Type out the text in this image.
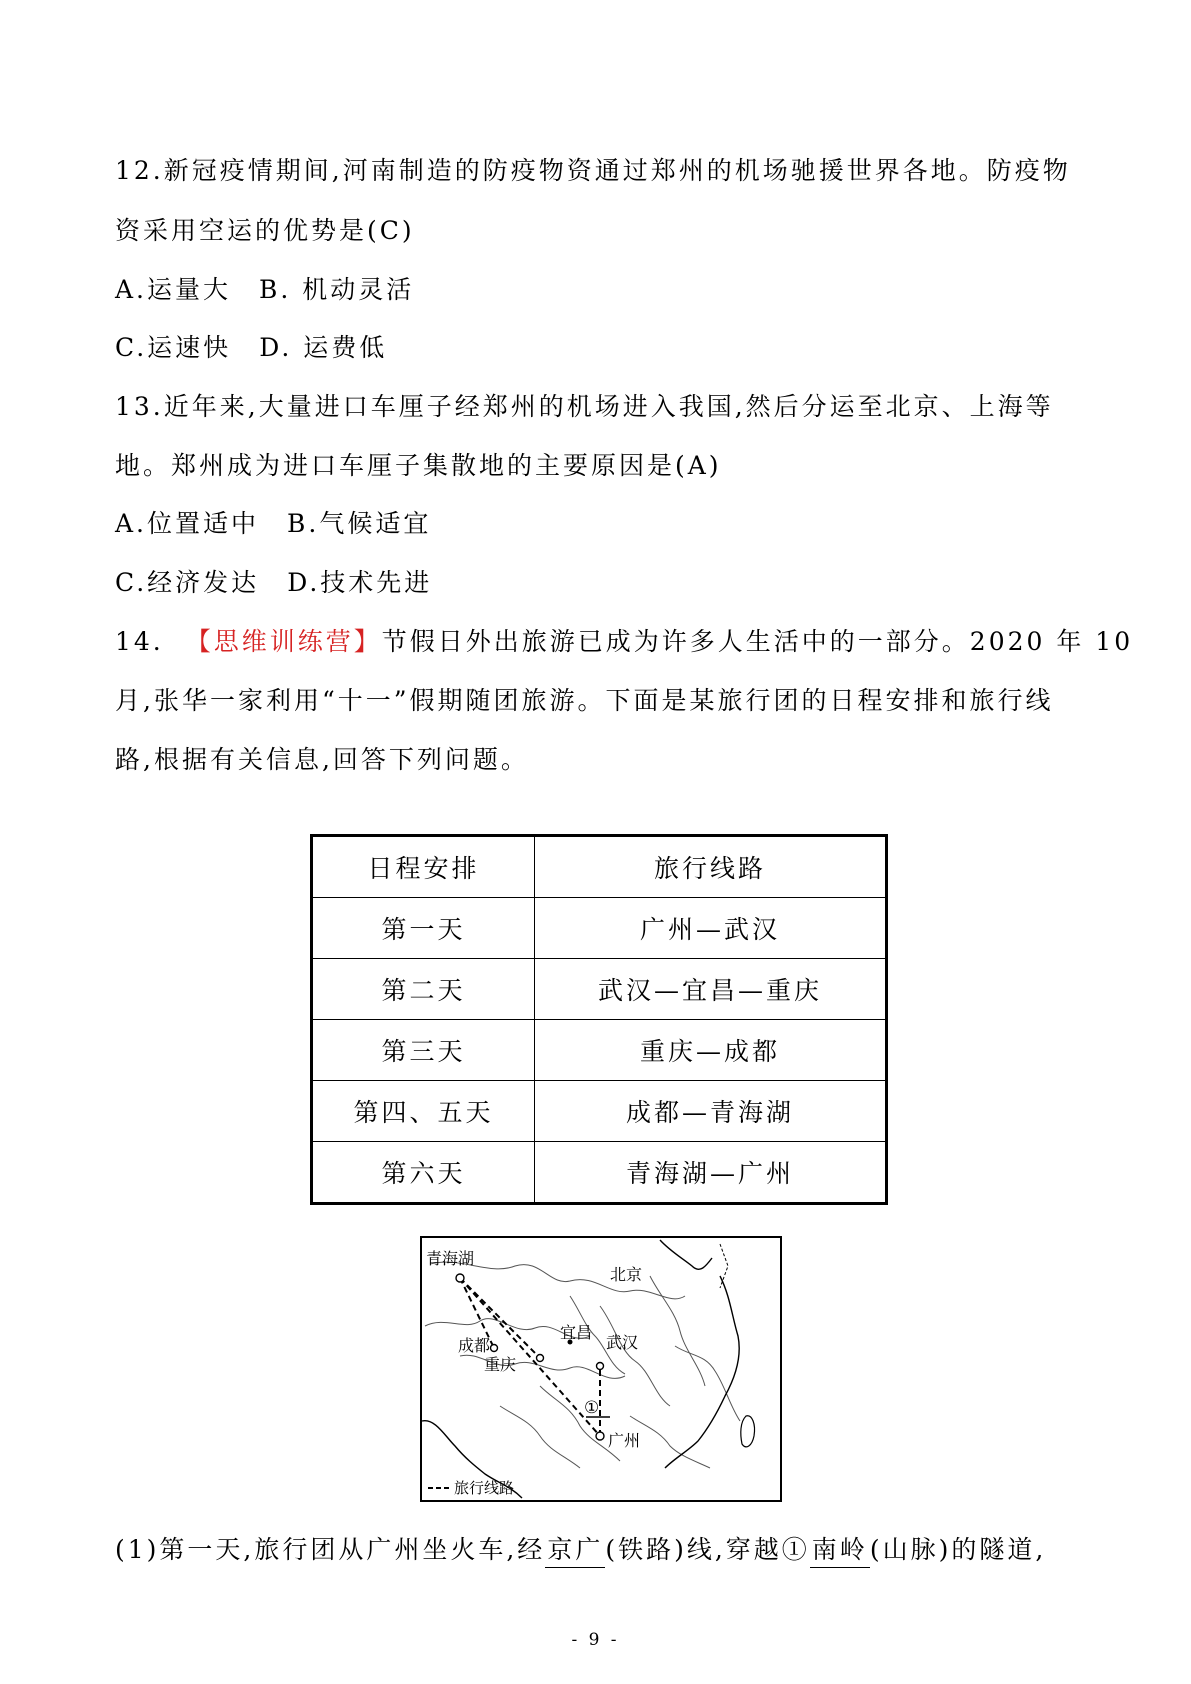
12.新冠疫情期间,河南制造的防疫物资通过郑州的机场驰援世界各地。防疫物
资采用空运的优势是(C)
A.运量大 B. 机动灵活
C.运速快 D. 运费低
13.近年来,大量进口车厘子经郑州的机场进入我国,然后分运至北京、上海等
地。郑州成为进口车厘子集散地的主要原因是(A)
A.位置适中 B.气候适宜
C.经济发达 D.技术先进
14. 【思维训练营】节假日外出旅游已成为许多人生活中的一部分。2020 年 10
月,张华一家利用“十一”假期随团旅游。下面是某旅行团的日程安排和旅行线
路,根据有关信息,回答下列问题。
日程安排	旅行线路
第一天	广州—武汉
第二天	武汉—宜昌—重庆
第三天	重庆—成都
第四、五天	成都—青海湖
第六天	青海湖—广州
青海湖
北京
宜昌
武汉
成都
重庆
广州
①
旅行线路
(1)第一天,旅行团从广州坐火车,经京广(铁路)线,穿越①南岭(山脉)的隧道,
- 9 -
